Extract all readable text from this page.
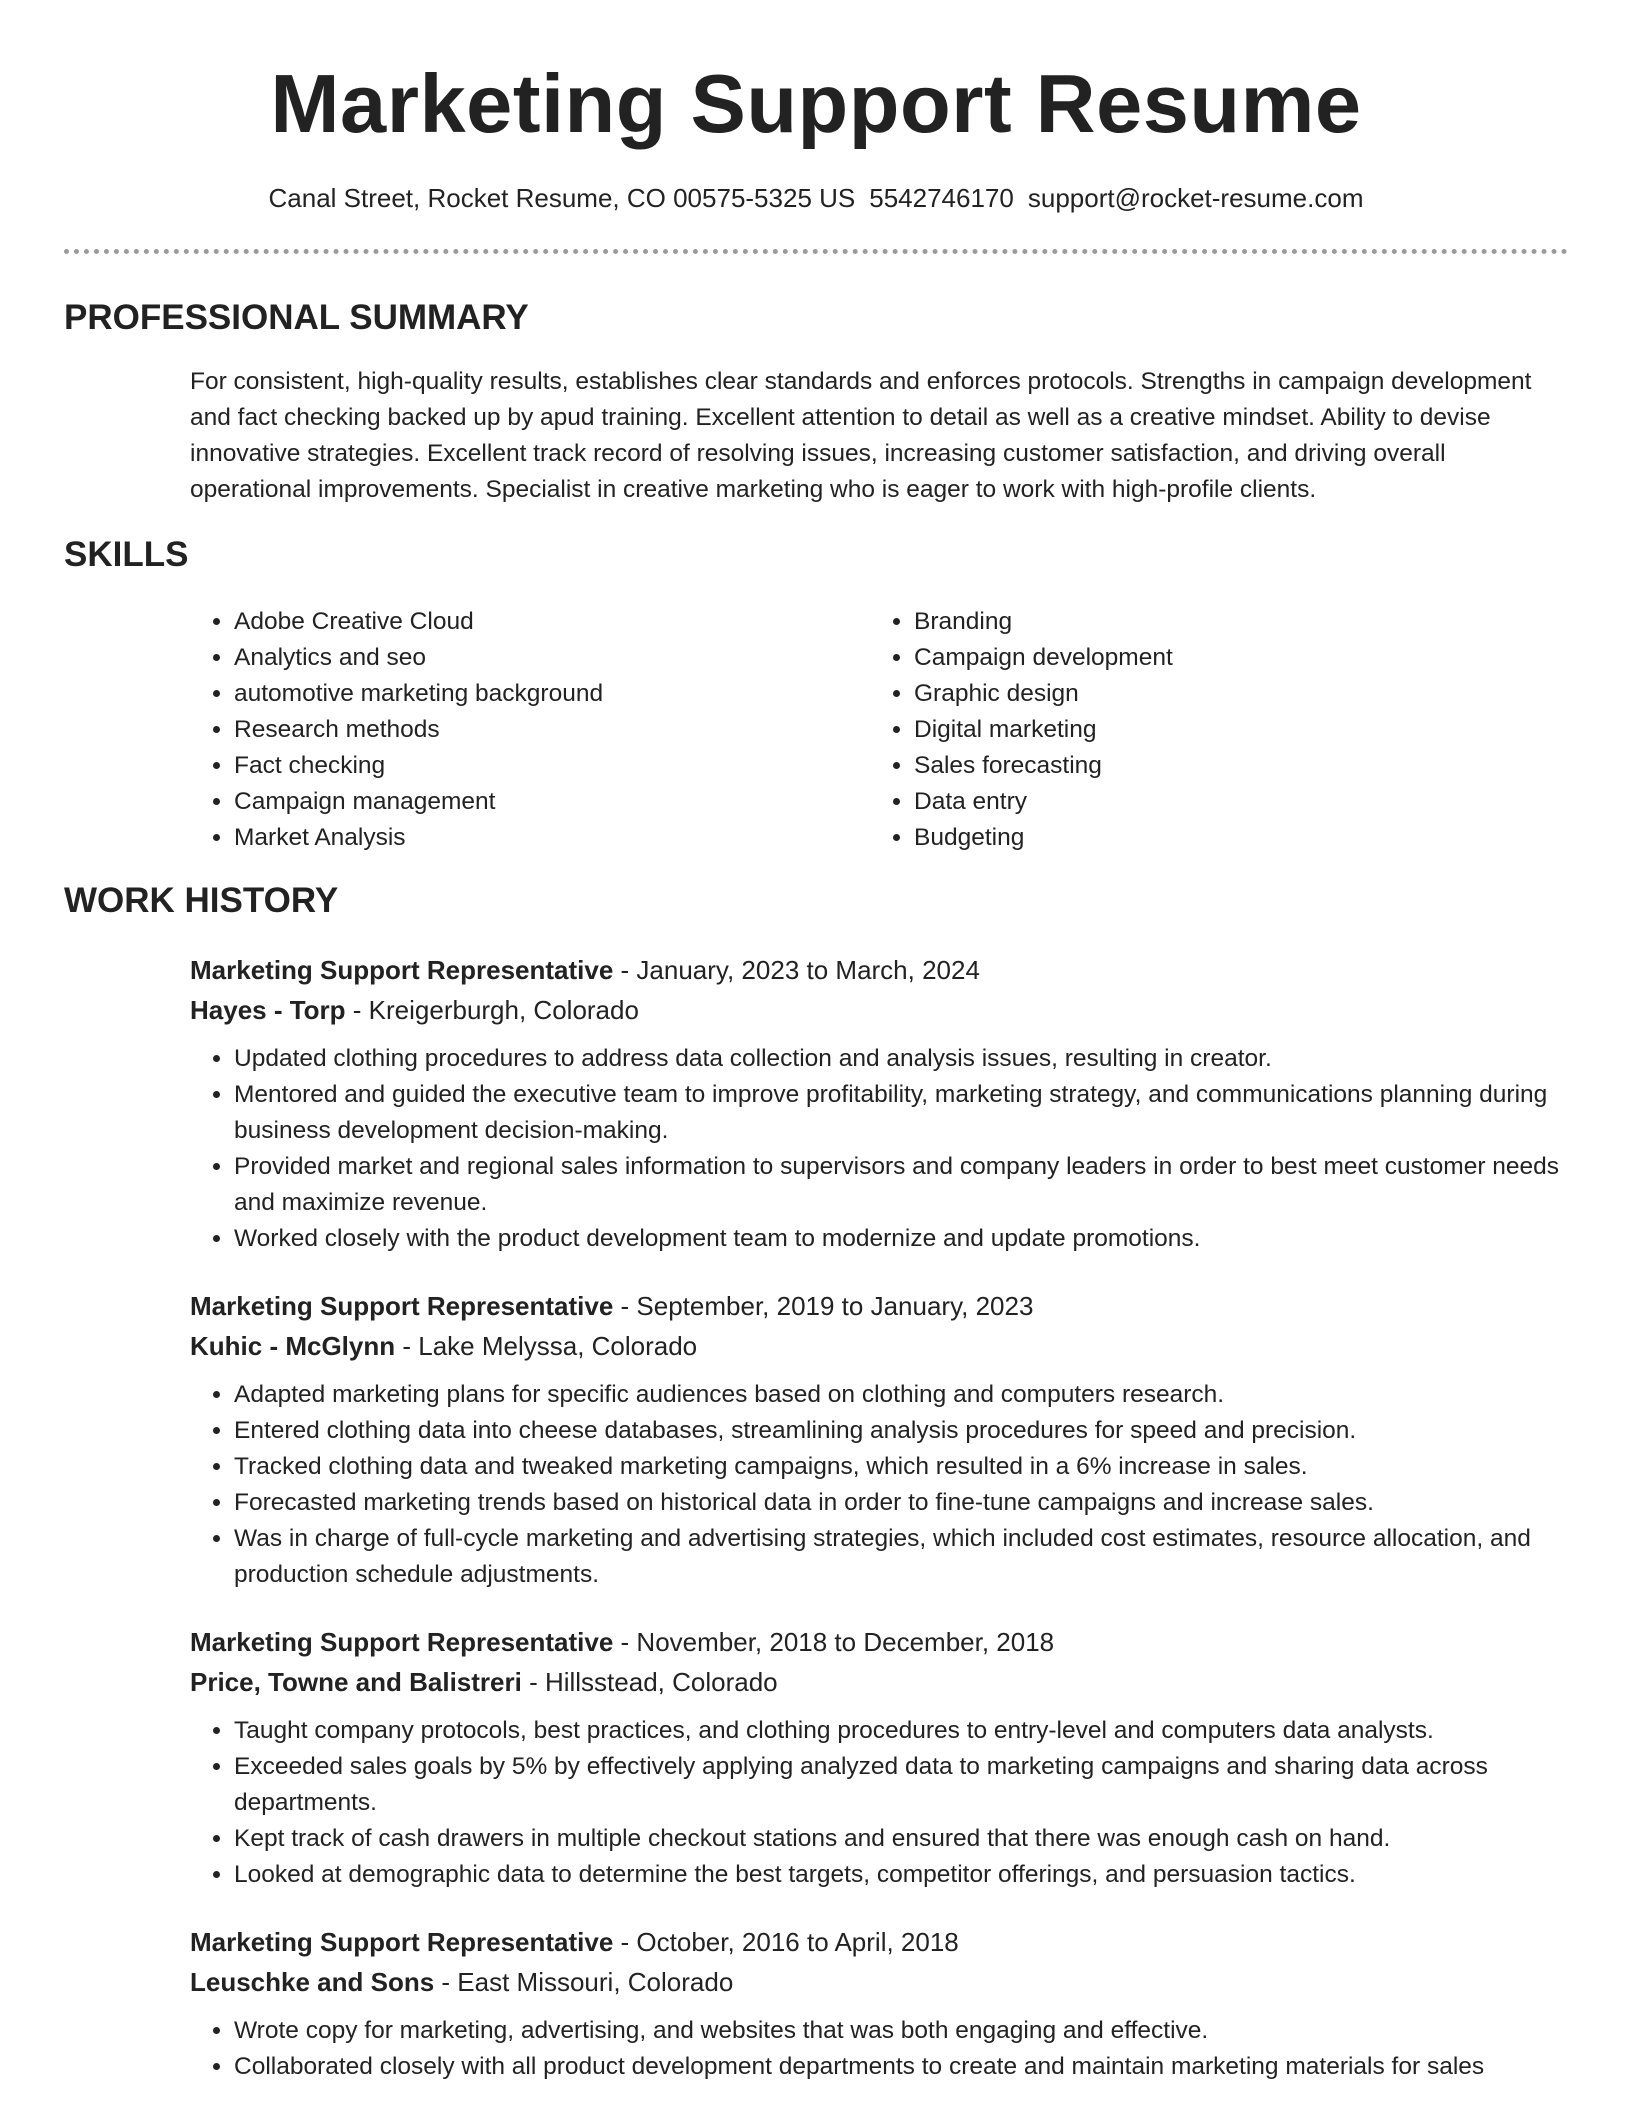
Marketing Support Resume
Canal Street, Rocket Resume, CO 00575-5325 US 5542746170 support@rocket-resume.com
PROFESSIONAL SUMMARY

For consistent, high-quality results, establishes clear standards and enforces protocols. Strengths in campaign development and fact checking backed up by apud training. Excellent attention to detail as well as a creative mindset. Ability to devise innovative strategies. Excellent track record of resolving issues, increasing customer satisfaction, and driving overall operational improvements. Specialist in creative marketing who is eager to work with high-profile clients.

SKILLS
• Adobe Creative Cloud
• Analytics and seo
• automotive marketing background
• Research methods
• Fact checking
• Campaign management
• Market Analysis
• Branding
• Campaign development
• Graphic design
• Digital marketing
• Sales forecasting
• Data entry
• Budgeting
WORK HISTORY

Marketing Support Representative - January, 2023 to March, 2024

Hayes - Torp - Kreigerburgh, Colorado

• Updated clothing procedures to address data collection and analysis issues, resulting in creator.
• Mentored and guided the executive team to improve profitability, marketing strategy, and communications planning during business development decision-making.
• Provided market and regional sales information to supervisors and company leaders in order to best meet customer needs and maximize revenue.
• Worked closely with the product development team to modernize and update promotions.

Marketing Support Representative - September, 2019 to January, 2023

Kuhic - McGlynn - Lake Melyssa, Colorado

• Adapted marketing plans for specific audiences based on clothing and computers research.
• Entered clothing data into cheese databases, streamlining analysis procedures for speed and precision.
• Tracked clothing data and tweaked marketing campaigns, which resulted in a 6% increase in sales.
• Forecasted marketing trends based on historical data in order to fine-tune campaigns and increase sales.
• Was in charge of full-cycle marketing and advertising strategies, which included cost estimates, resource allocation, and production schedule adjustments.

Marketing Support Representative - November, 2018 to December, 2018

Price, Towne and Balistreri - Hillsstead, Colorado

• Taught company protocols, best practices, and clothing procedures to entry-level and computers data analysts.
• Exceeded sales goals by 5% by effectively applying analyzed data to marketing campaigns and sharing data across departments.
• Kept track of cash drawers in multiple checkout stations and ensured that there was enough cash on hand.
• Looked at demographic data to determine the best targets, competitor offerings, and persuasion tactics.

Marketing Support Representative - October, 2016 to April, 2018

Leuschke and Sons - East Missouri, Colorado

• Wrote copy for marketing, advertising, and websites that was both engaging and effective.
• Collaborated closely with all product development departments to create and maintain marketing materials for sales
